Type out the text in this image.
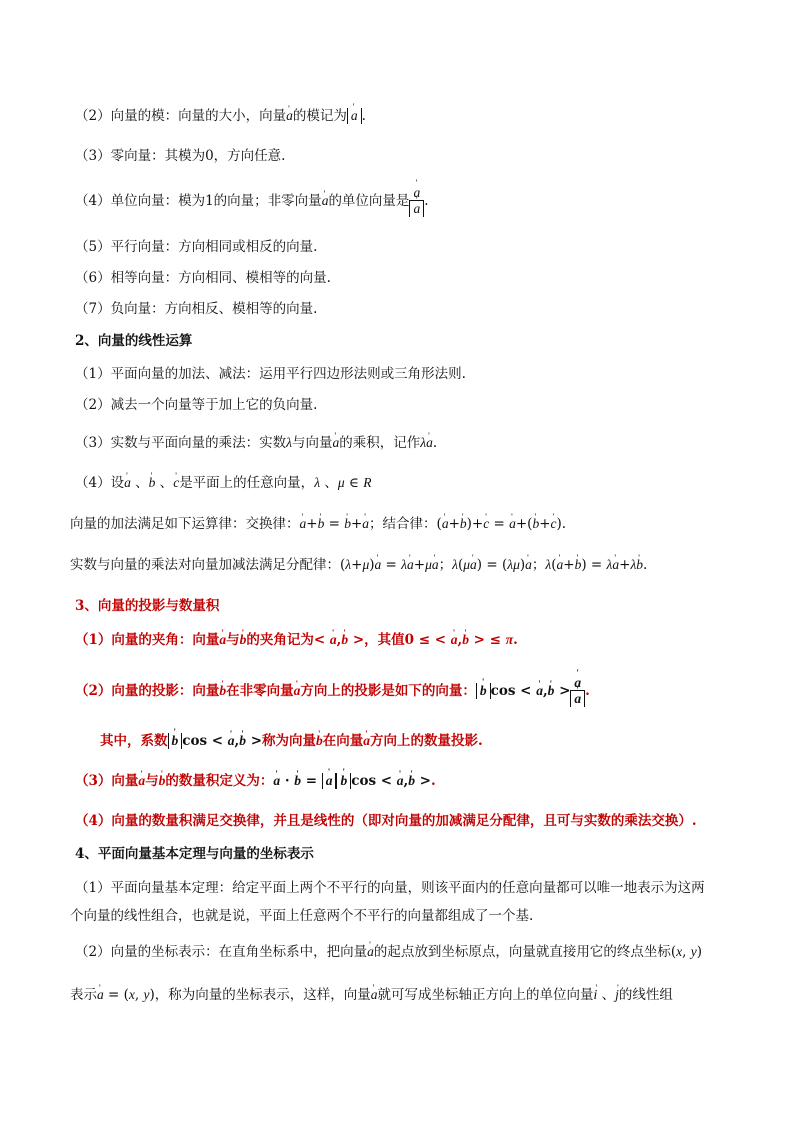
（2）向量的模：向量的大小，向量' a的模记为 ' a .
（3）零向量：其模为0，方向任意.
（4）单位向量：模为1的向量；非零向量' a的单位向量是 ' a
' a .
（5）平行向量：方向相同或相反的向量.
（6）相等向量：方向相同、模相等的向量.
（7）负向量：方向相反、模相等的向量.
2、向量的线性运算
（1）平面向量的加法、减法：运用平行四边形法则或三角形法则.
（2）减去一个向量等于加上它的负向量.
（3）实数与平面向量的乘法：实数λ与向量' a的乘积，记作λ' a.
（4）设' a 、' b 、' c是平面上的任意向量，λ 、μ ∈ R
向量的加法满足如下运算律：交换律：' a+' b = ' b+' a；结合律：(' a+' b)+' c = ' a+(' b+' c).
实数与向量的乘法对向量加减法满足分配律：(λ+μ)' a = λ' a+μ' a；λ(μ' a) = (λμ)' a；λ(' a+' b) = λ' a+λ' b.
3、向量的投影与数量积
（1）向量的夹角：向量' a与' b的夹角记为< ' a,' b >，其值0 ≤ < ' a,' b > ≤ π.
（2）向量的投影：向量' b在非零向量' a方向上的投影是如下的向量： ' b cos < ' a,' b > ' a
' a .
其中，系数 ' b cos < ' a,' b >称为向量' b在向量' a方向上的数量投影.
（3）向量' a与' b的数量积定义为：' a · ' b = ' a ' b cos < ' a,' b >.
（4）向量的数量积满足交换律，并且是线性的（即对向量的加减满足分配律，且可与实数的乘法交换）.
4、平面向量基本定理与向量的坐标表示
（1）平面向量基本定理：给定平面上两个不平行的向量，则该平面内的任意向量都可以唯一地表示为这两
个向量的线性组合，也就是说，平面上任意两个不平行的向量都组成了一个基.
（2）向量的坐标表示：在直角坐标系中，把向量' a的起点放到坐标原点，向量就直接用它的终点坐标(x, y)
表示' a = (x, y)，称为向量的坐标表示，这样，向量' a就可写成坐标轴正方向上的单位向量' i 、' j的线性组
